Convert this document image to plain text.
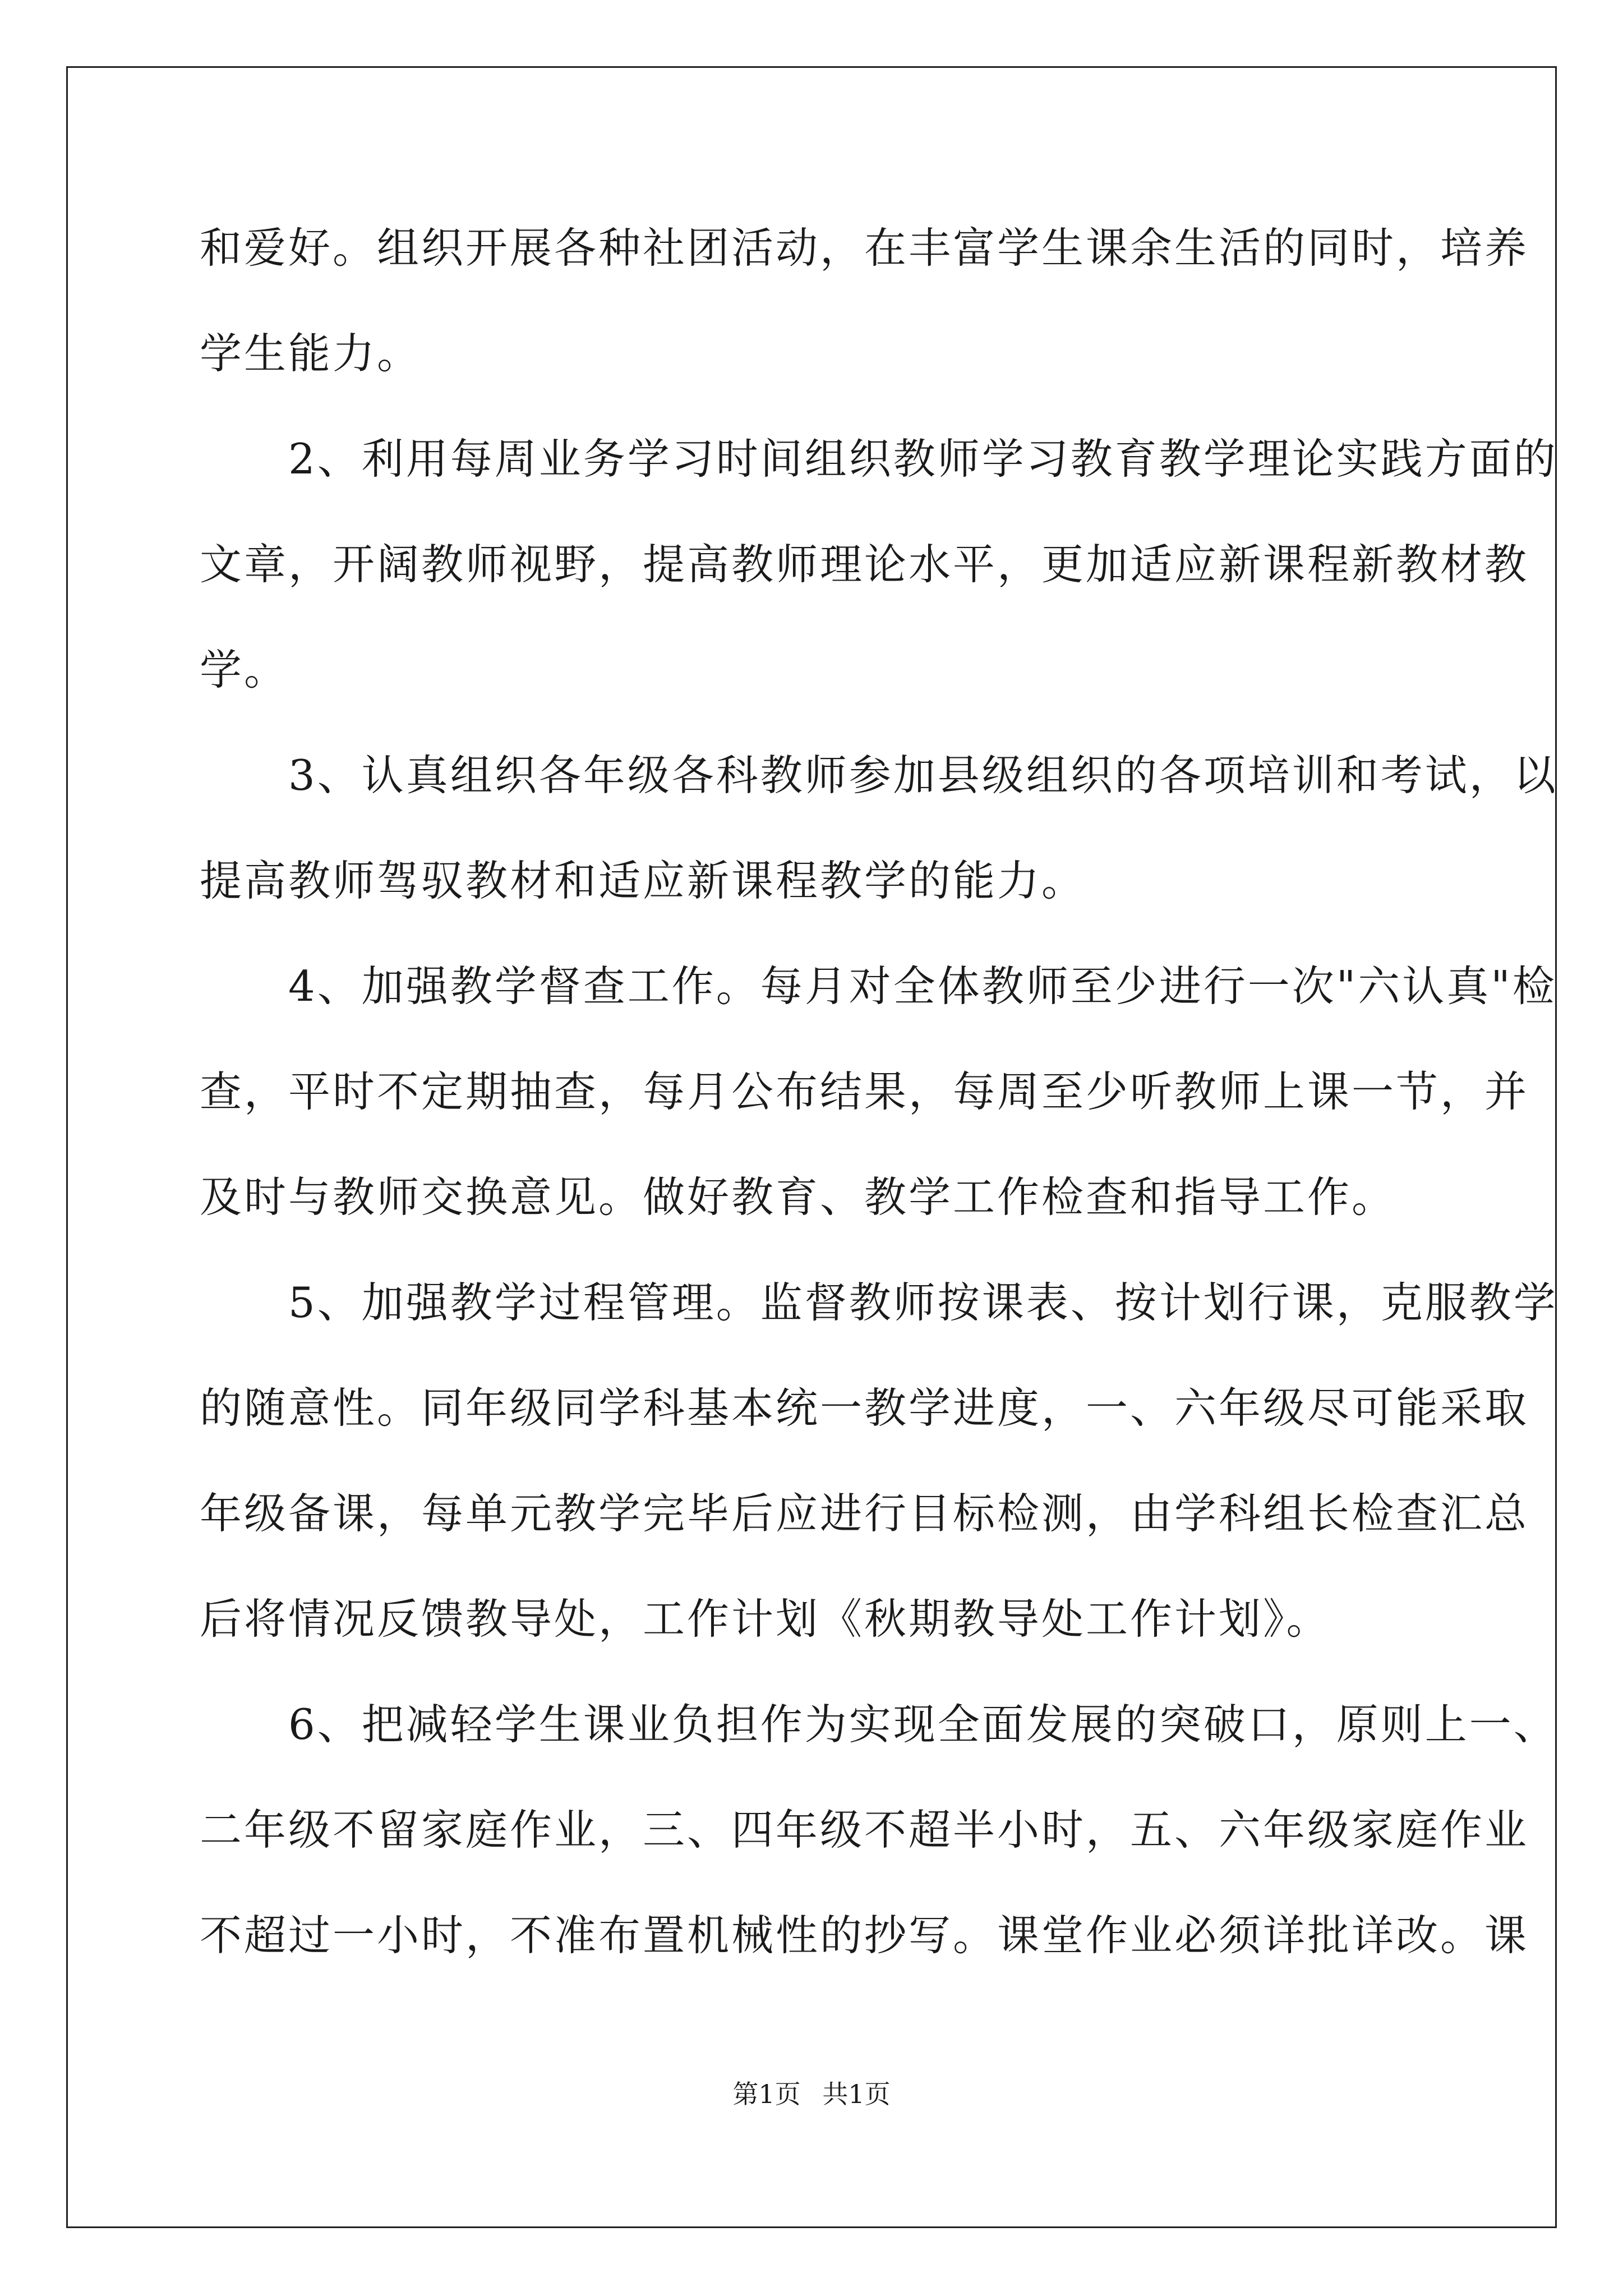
和爱好。组织开展各种社团活动，在丰富学生课余生活的同时，培养
学生能力。
　　2、利用每周业务学习时间组织教师学习教育教学理论实践方面的
文章，开阔教师视野，提高教师理论水平，更加适应新课程新教材教
学。
　　3、认真组织各年级各科教师参加县级组织的各项培训和考试，以
提高教师驾驭教材和适应新课程教学的能力。
　　4、加强教学督查工作。每月对全体教师至少进行一次"六认真"检
查，平时不定期抽查，每月公布结果，每周至少听教师上课一节，并
及时与教师交换意见。做好教育、教学工作检查和指导工作。
　　5、加强教学过程管理。监督教师按课表、按计划行课，克服教学
的随意性。同年级同学科基本统一教学进度，一、六年级尽可能采取
年级备课，每单元教学完毕后应进行目标检测，由学科组长检查汇总
后将情况反馈教导处，工作计划《秋期教导处工作计划》。
　　6、把减轻学生课业负担作为实现全面发展的突破口，原则上一、
二年级不留家庭作业，三、四年级不超半小时，五、六年级家庭作业
不超过一小时，不准布置机械性的抄写。课堂作业必须详批详改。课
第1页 共1页
